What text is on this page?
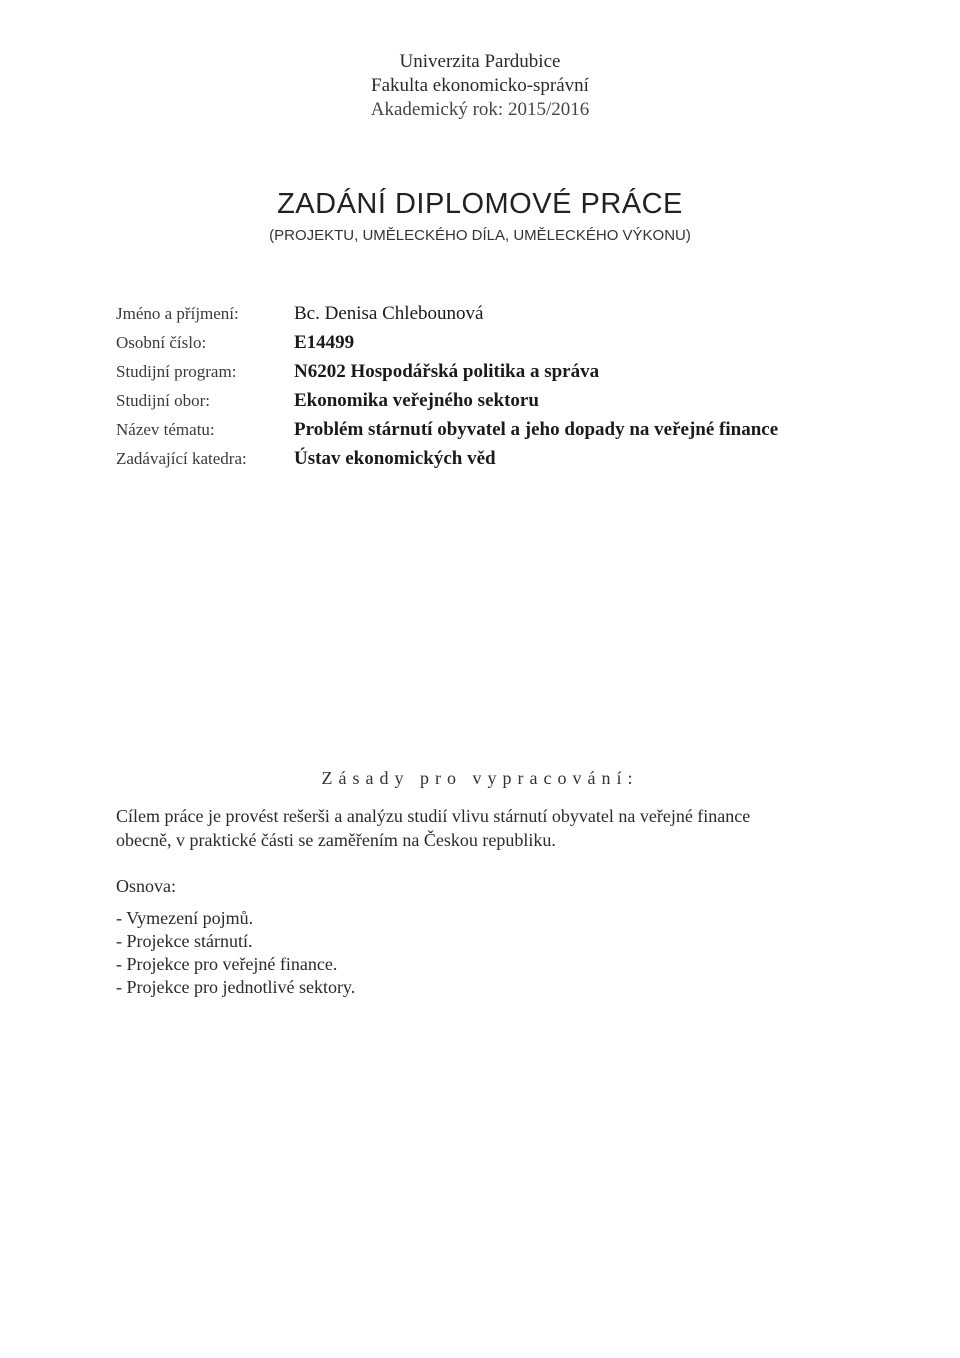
Univerzita Pardubice
Fakulta ekonomicko-správní
Akademický rok: 2015/2016
ZADÁNÍ DIPLOMOVÉ PRÁCE
(PROJEKTU, UMĚLECKÉHO DÍLA, UMĚLECKÉHO VÝKONU)
Jméno a příjmení:	Bc. Denisa Chlebounová
Osobní číslo:	E14499
Studijní program:	N6202 Hospodářská politika a správa
Studijní obor:	Ekonomika veřejného sektoru
Název tématu:	Problém stárnutí obyvatel a jeho dopady na veřejné finance
Zadávající katedra:	Ústav ekonomických věd
Zásady pro vypracování:

Cílem práce je provést rešerši a analýzu studií vlivu stárnutí obyvatel na veřejné finance

obecně, v praktické části se zaměřením na Českou republiku.

Osnova:
- Vymezení pojmů.
- Projekce stárnutí.
- Projekce pro veřejné finance.
- Projekce pro jednotlivé sektory.
